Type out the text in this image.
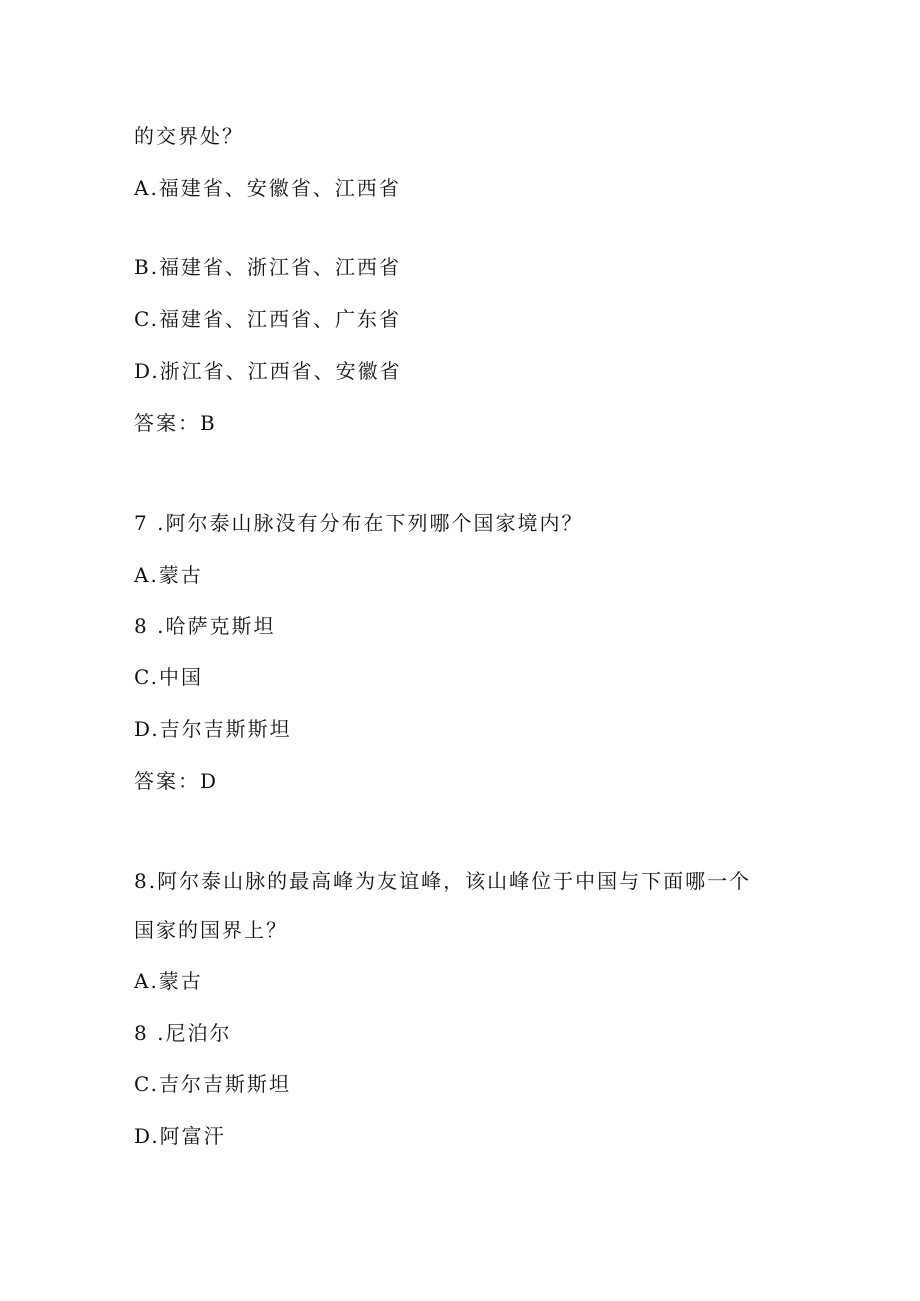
的交界处？
A.福建省、安徽省、江西省
B.福建省、浙江省、江西省
C.福建省、江西省、广东省
D.浙江省、江西省、安徽省
答案：B
7 .阿尔泰山脉没有分布在下列哪个国家境内？
A.蒙古
8 .哈萨克斯坦
C.中国
D.吉尔吉斯斯坦
答案：D
8.阿尔泰山脉的最高峰为友谊峰，该山峰位于中国与下面哪一个
国家的国界上？
A.蒙古
8 .尼泊尔
C.吉尔吉斯斯坦
D.阿富汗
